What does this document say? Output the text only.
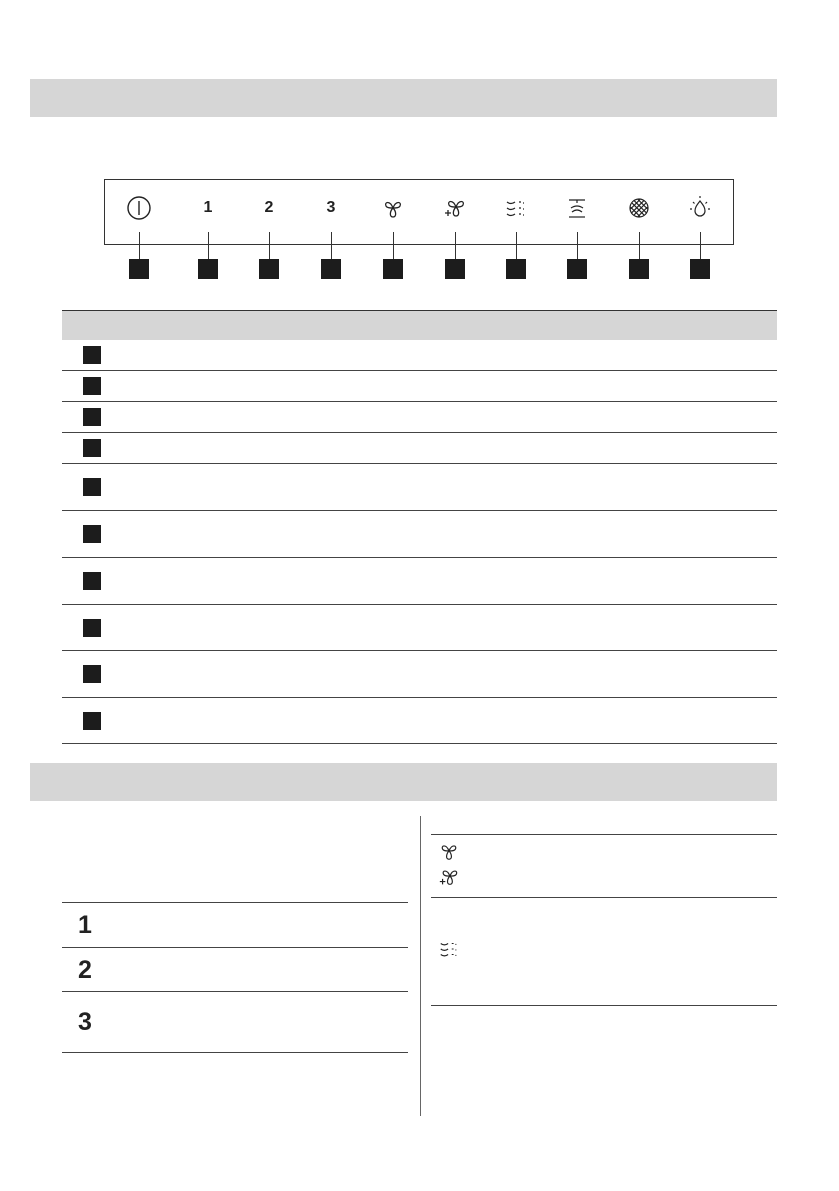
1	2	3
1
2
3
